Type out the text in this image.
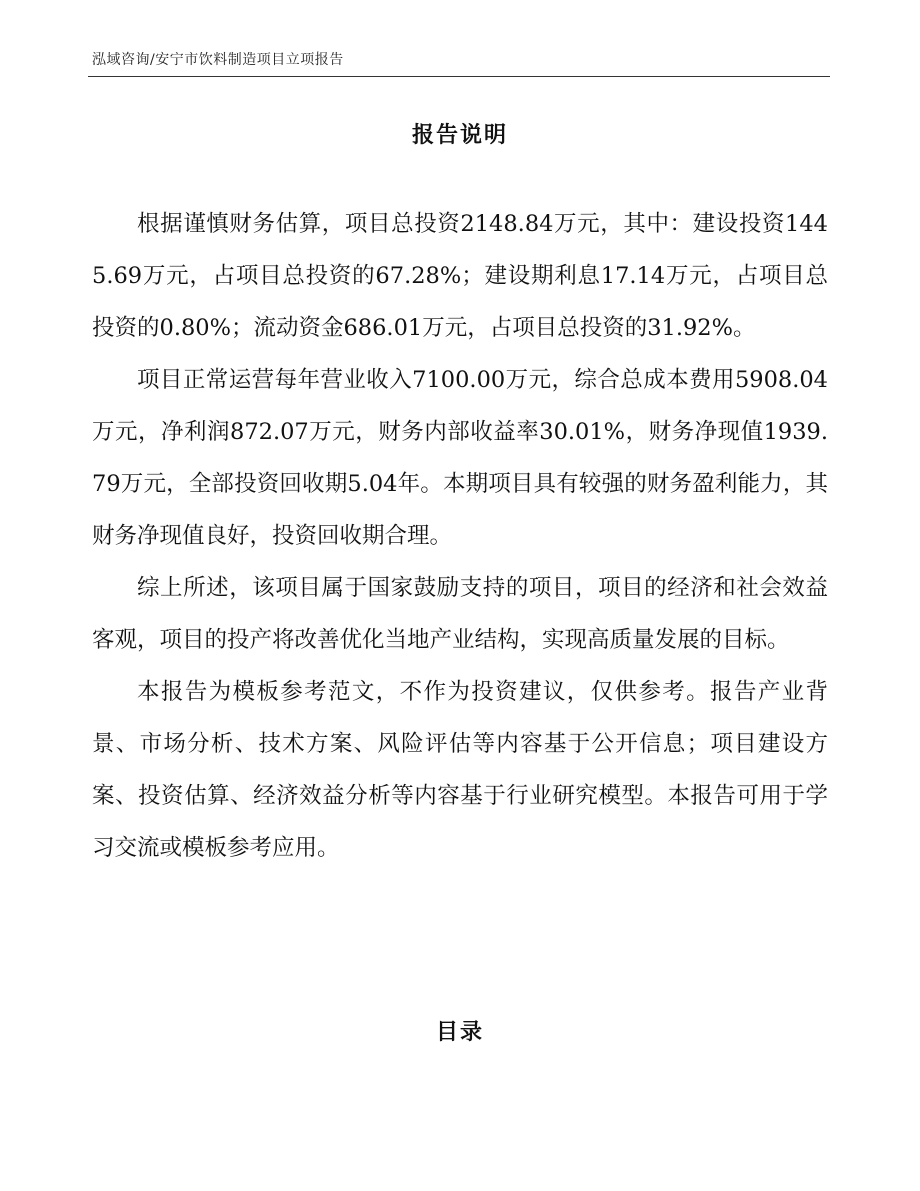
泓域咨询/安宁市饮料制造项目立项报告
报告说明

根据谨慎财务估算，项目总投资2148.84万元，其中：建设投资1445.69万元，占项目总投资的67.28%；建设期利息17.14万元，占项目总投资的0.80%；流动资金686.01万元，占项目总投资的31.92%。

项目正常运营每年营业收入7100.00万元，综合总成本费用5908.04万元，净利润872.07万元，财务内部收益率30.01%，财务净现值1939.79万元，全部投资回收期5.04年。本期项目具有较强的财务盈利能力，其财务净现值良好，投资回收期合理。

综上所述，该项目属于国家鼓励支持的项目，项目的经济和社会效益客观，项目的投产将改善优化当地产业结构，实现高质量发展的目标。

本报告为模板参考范文，不作为投资建议，仅供参考。报告产业背景、市场分析、技术方案、风险评估等内容基于公开信息；项目建设方案、投资估算、经济效益分析等内容基于行业研究模型。本报告可用于学习交流或模板参考应用。

目录
